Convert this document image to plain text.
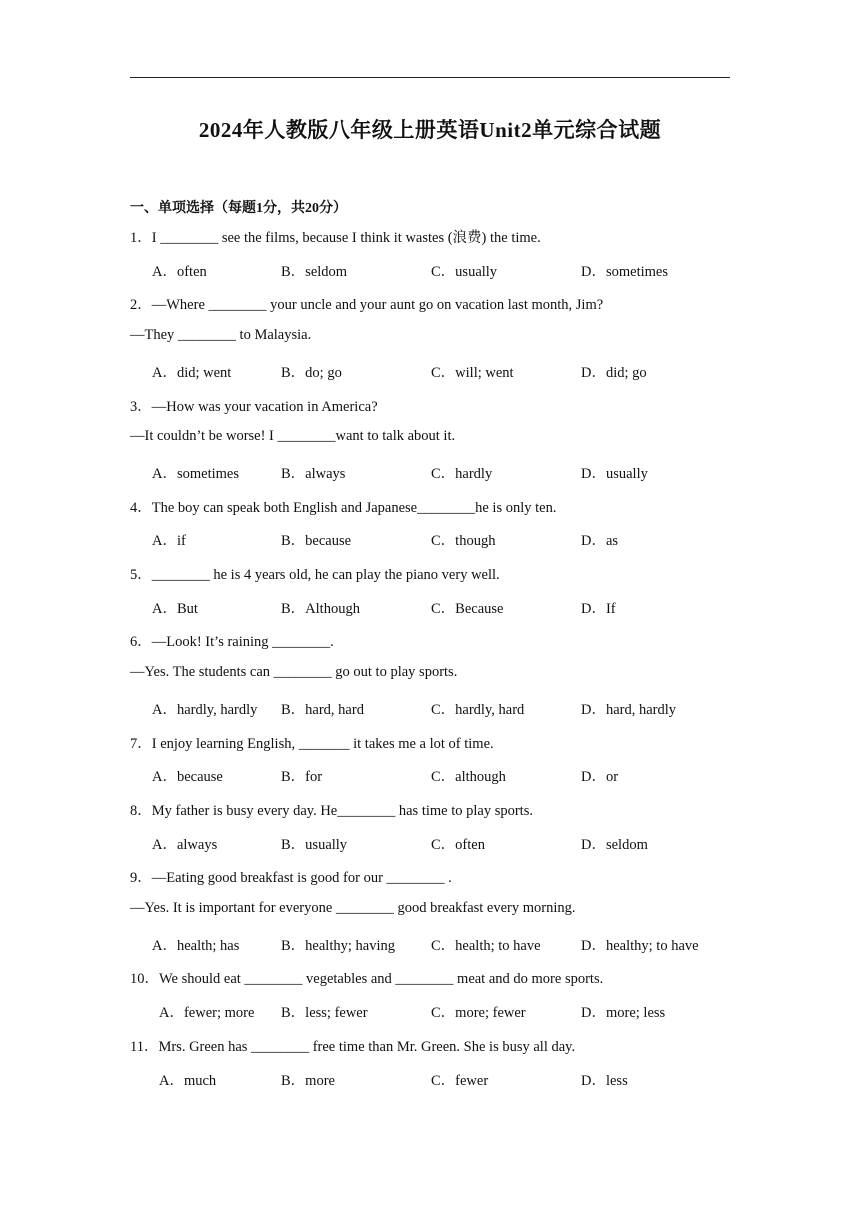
2024年人教版八年级上册英语Unit2单元综合试题
一、单项选择（每题1分，共20分）
1．I ________ see the films, because I think it wastes (浪费) the time.
A．often	B．seldom	C．usually	D．sometimes
2．—Where ________ your uncle and your aunt go on vacation last month, Jim?
—They ________ to Malaysia.
A．did; went	B．do; go	C．will; went	D．did; go
3．—How was your vacation in America?
—It couldn’t be worse! I ________want to talk about it.
A．sometimes	B．always	C．hardly	D．usually
4．The boy can speak both English and Japanese________he is only ten.
A．if	B．because	C．though	D．as
5．________ he is 4 years old, he can play the piano very well.
A．But	B．Although	C．Because	D．If
6．—Look! It’s raining ________.
—Yes. The students can ________ go out to play sports.
A．hardly, hardly B．hard, hard	C．hardly, hard	D．hard, hardly
7．I enjoy learning English, _______ it takes me a lot of time.
A．because	B．for	C．although	D．or
8．My father is busy every day. He________ has time to play sports.
A．always	B．usually	C．often	D．seldom
9．—Eating good breakfast is good for our ________ .
—Yes. It is important for everyone ________ good breakfast every morning.
A．health; has	B．healthy; having C．health; to have	D．healthy; to have
10．We should eat ________ vegetables and ________ meat and do more sports.
A．fewer; more B．less; fewer	C．more; fewer	D．more; less
11．Mrs. Green has ________ free time than Mr. Green. She is busy all day.
A．much	B．more	C．fewer	D．less
